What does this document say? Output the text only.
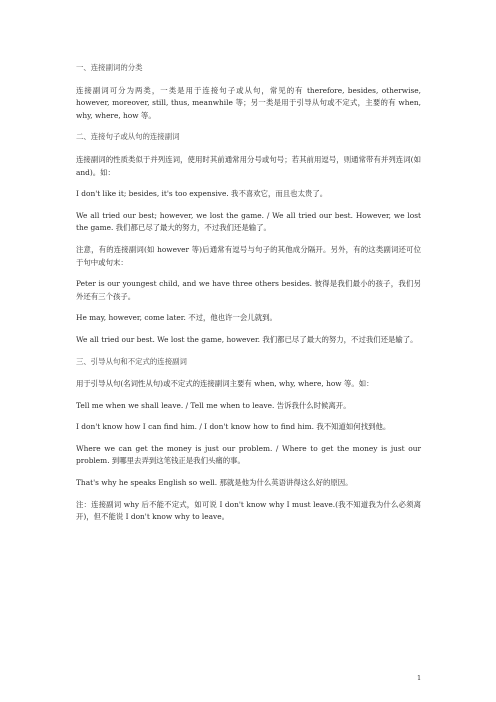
一、连接副词的分类

连接副词可分为两类，一类是用于连接句子或从句，常见的有 therefore, besides, otherwise, however, moreover, still, thus, meanwhile 等；另一类是用于引导从句或不定式，主要的有 when, why, where, how 等。

二、连接句子或从句的连接副词

连接副词的性质类似于并列连词，使用时其前通常用分号或句号；若其前用逗号，则通常带有并列连词(如 and)。如：

I don't like it; besides, it's too expensive. 我不喜欢它，而且也太贵了。

We all tried our best; however, we lost the game. / We all tried our best. However, we lost the game. 我们都已尽了最大的努力，不过我们还是输了。

注意，有的连接副词(如 however 等)后通常有逗号与句子的其他成分隔开。另外，有的这类副词还可位于句中或句末：

Peter is our youngest child, and we have three others besides. 彼得是我们最小的孩子，我们另外还有三个孩子。

He may, however, come later. 不过，他也许一会儿就到。

We all tried our best. We lost the game, however. 我们都已尽了最大的努力，不过我们还是输了。

三、引导从句和不定式的连接副词

用于引导从句(名词性从句)或不定式的连接副词主要有 when, why, where, how 等。如：

Tell me when we shall leave. / Tell me when to leave. 告诉我什么时候离开。

I don't know how I can find him. / I don't know how to find him. 我不知道如何找到他。

Where we can get the money is just our problem. / Where to get the money is just our problem. 到哪里去弄到这笔钱正是我们头痛的事。

That's why he speaks English so well. 那就是他为什么英语讲得这么好的原因。

注：连接副词 why 后不能不定式，如可说 I don't know why I must leave.(我不知道我为什么必须离开)，但不能说 I don't know why to leave。

1
